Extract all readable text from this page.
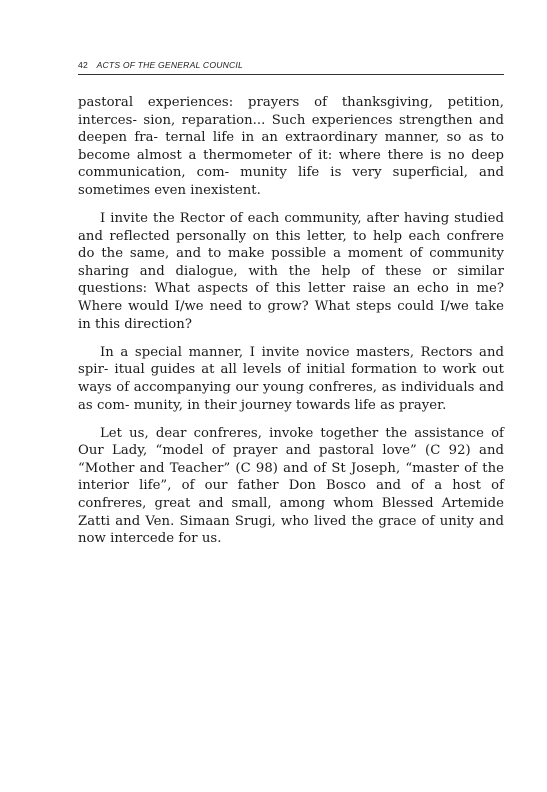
42 ACTS OF THE GENERAL COUNCIL

pastoral experiences: prayers of thanksgiving, petition, interces- sion, reparation... Such experiences strengthen and deepen fra- ternal life in an extraordinary manner, so as to become almost a thermometer of it: where there is no deep communication, com- munity life is very superficial, and sometimes even inexistent.

I invite the Rector of each community, after having studied and reflected personally on this letter, to help each confrere do the same, and to make possible a moment of community sharing and dialogue, with the help of these or similar questions: What aspects of this letter raise an echo in me? Where would I/we need to grow? What steps could I/we take in this direction?

In a special manner, I invite novice masters, Rectors and spir- itual guides at all levels of initial formation to work out ways of accompanying our young confreres, as individuals and as com- munity, in their journey towards life as prayer.

Let us, dear confreres, invoke together the assistance of Our Lady, “model of prayer and pastoral love” (C 92) and “Mother and Teacher” (C 98) and of St Joseph, “master of the interior life”, of our father Don Bosco and of a host of confreres, great and small, among whom Blessed Artemide Zatti and Ven. Simaan Srugi, who lived the grace of unity and now intercede for us.
